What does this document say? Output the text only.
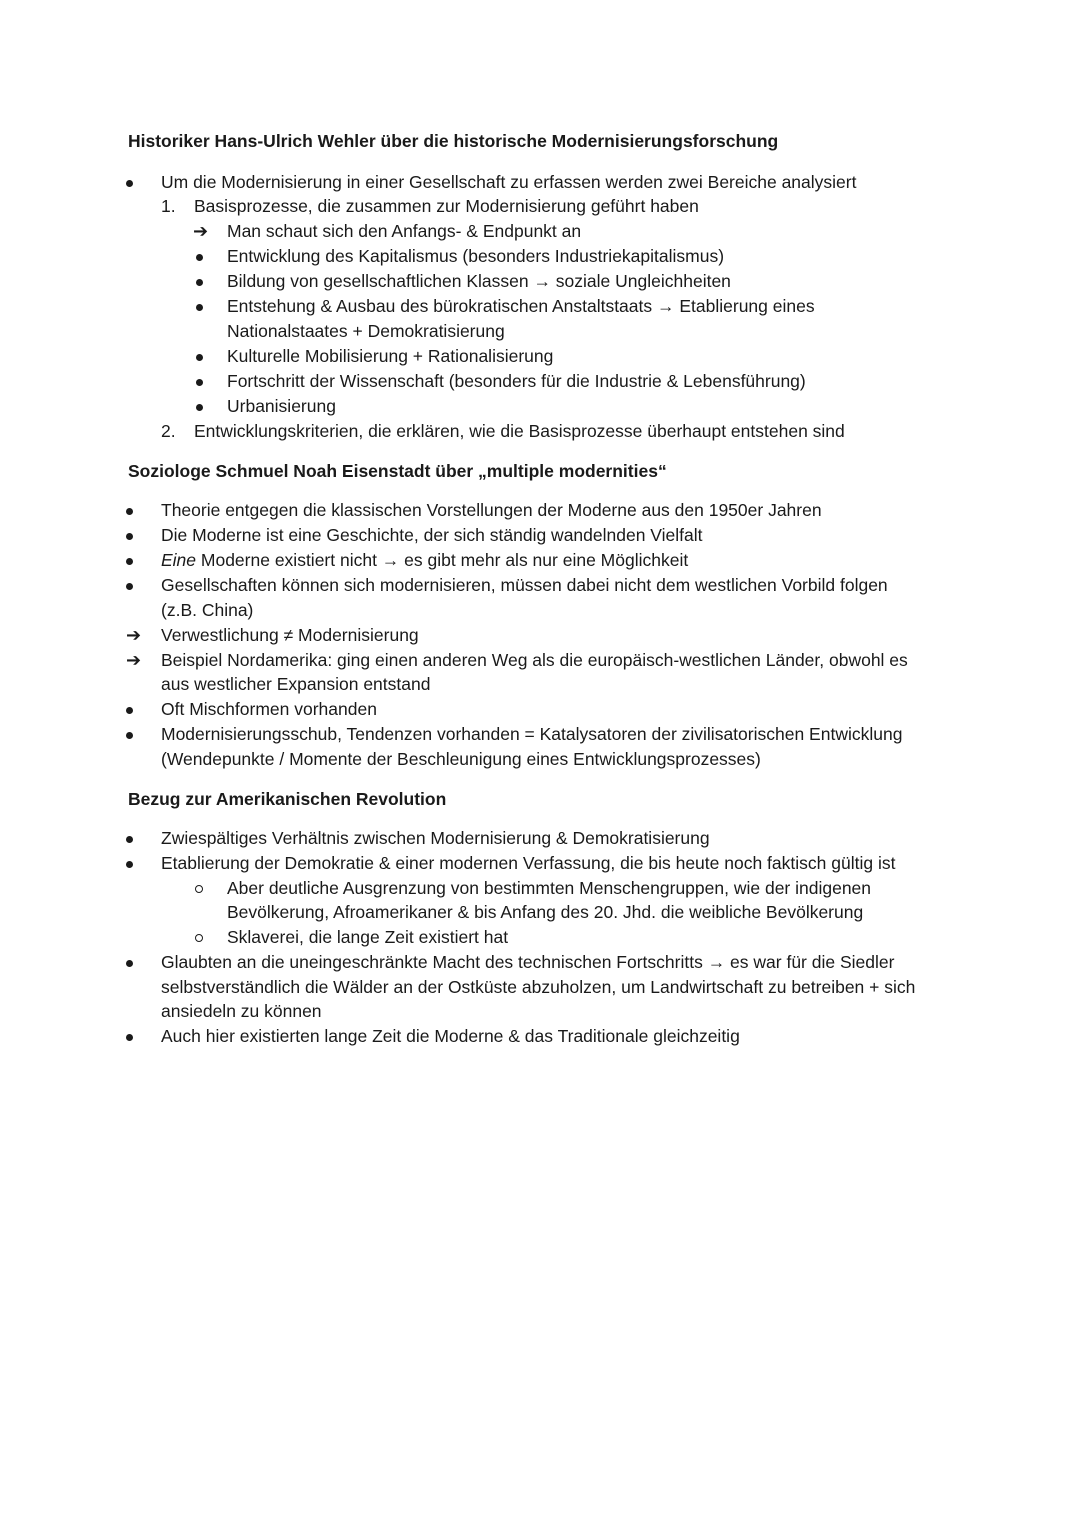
Historiker Hans-Ulrich Wehler über die historische Modernisierungsforschung
Um die Modernisierung in einer Gesellschaft zu erfassen werden zwei Bereiche analysiert
1. Basisprozesse, die zusammen zur Modernisierung geführt haben
➔ Man schaut sich den Anfangs- & Endpunkt an
Entwicklung des Kapitalismus (besonders Industriekapitalismus)
Bildung von gesellschaftlichen Klassen → soziale Ungleichheiten
Entstehung & Ausbau des bürokratischen Anstaltstaats → Etablierung eines
Nationalstaates + Demokratisierung
Kulturelle Mobilisierung + Rationalisierung
Fortschritt der Wissenschaft (besonders für die Industrie & Lebensführung)
Urbanisierung
2. Entwicklungskriterien, die erklären, wie die Basisprozesse überhaupt entstehen sind
Soziologe Schmuel Noah Eisenstadt über „multiple modernities“
Theorie entgegen die klassischen Vorstellungen der Moderne aus den 1950er Jahren
Die Moderne ist eine Geschichte, der sich ständig wandelnden Vielfalt
Eine Moderne existiert nicht → es gibt mehr als nur eine Möglichkeit
Gesellschaften können sich modernisieren, müssen dabei nicht dem westlichen Vorbild folgen
(z.B. China)
➔ Verwestlichung ≠ Modernisierung
➔ Beispiel Nordamerika: ging einen anderen Weg als die europäisch-westlichen Länder, obwohl es
aus westlicher Expansion entstand
Oft Mischformen vorhanden
Modernisierungsschub, Tendenzen vorhanden = Katalysatoren der zivilisatorischen Entwicklung
(Wendepunkte / Momente der Beschleunigung eines Entwicklungsprozesses)
Bezug zur Amerikanischen Revolution
Zwiespältiges Verhältnis zwischen Modernisierung & Demokratisierung
Etablierung der Demokratie & einer modernen Verfassung, die bis heute noch faktisch gültig ist
Aber deutliche Ausgrenzung von bestimmten Menschengruppen, wie der indigenen
Bevölkerung, Afroamerikaner & bis Anfang des 20. Jhd. die weibliche Bevölkerung
Sklaverei, die lange Zeit existiert hat
Glaubten an die uneingeschränkte Macht des technischen Fortschritts → es war für die Siedler
selbstverständlich die Wälder an der Ostküste abzuholzen, um Landwirtschaft zu betreiben + sich
ansiedeln zu können
Auch hier existierten lange Zeit die Moderne & das Traditionale gleichzeitig
